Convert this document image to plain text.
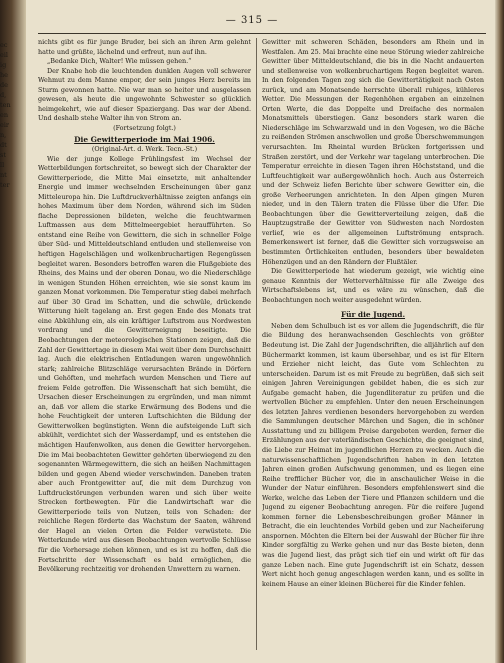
ec
eil
ig
he
de
d,
ten
en
eir
n,
dt
st
ll
nt
ter
— 315 —

nichts gibt es für junge Bruder, bei sich an ihren Arm gelehnt hatte und grüßte, lächelnd und erfreut, nun auf ihn.

„Bedanke Dich, Walter! Wie müssen gehen.“

Der Knabe hob die leuchtenden dunklen Augen voll schwerer Wehmut zu dem Manne empor, der sein junges Herz bereits im Sturm gewonnen hatte. Nie war man so heiter und ausgelassen gewesen, als heute die ungewohnte Schwester so glücklich heimgekehrt, wie auf dieser Spaziergang. Das war der Abend. Und deshalb stehe Walter ihn von Strom an.

(Fortsetzung folgt.)

Die Gewitterperiode im Mai 1906.

(Original-Art. d. Werk. Tecn.-St.)

Wie der junge Kollege Frühlingsfest im Wechsel der Wetterbildungen fortschreitet, so bewegt sich der Charakter der Gewitterperiode, die Mitte Mai einsetzte, mit anhaltender Energie und immer wechselnden Erscheinungen über ganz Mitteleuropa hin. Die Luftdruckverhältnisse zeigten anfangs ein hohes Maximum über dem Norden, während sich im Süden flache Depressionen bildeten, welche die feuchtwarmen Luftmassen aus dem Mittelmeergebiet heraufführten. So entstand eine Reihe von Gewittern, die sich in schneller Folge über Süd- und Mitteldeutschland entluden und stellenweise von heftigen Hagelschlägen und wolkenbruchartigen Regengüssen begleitet waren. Besonders betroffen waren die Flußgebiete des Rheins, des Mains und der oberen Donau, wo die Niederschläge in wenigen Stunden Höhen erreichten, wie sie sonst kaum im ganzen Monat vorkommen. Die Temperatur stieg dabei mehrfach auf über 30 Grad im Schatten, und die schwüle, drückende Witterung hielt tagelang an. Erst gegen Ende des Monats trat eine Abkühlung ein, als ein kräftiger Luftstrom aus Nordwesten vordrang und die Gewitterneigung beseitigte. Die Beobachtungen der meteorologischen Stationen zeigen, daß die Zahl der Gewittertage in diesem Mai weit über dem Durchschnitt lag. Auch die elektrischen Entladungen waren ungewöhnlich stark; zahlreiche Blitzschläge verursachten Brände in Dörfern und Gehöften, und mehrfach wurden Menschen und Tiere auf freiem Felde getroffen. Die Wissenschaft hat sich bemüht, die Ursachen dieser Erscheinungen zu ergründen, und man nimmt an, daß vor allem die starke Erwärmung des Bodens und die hohe Feuchtigkeit der unteren Luftschichten die Bildung der Gewitterwolken begünstigten. Wenn die aufsteigende Luft sich abkühlt, verdichtet sich der Wasserdampf, und es entstehen die mächtigen Haufenwolken, aus denen die Gewitter hervorgehen. Die im Mai beobachteten Gewitter gehörten überwiegend zu den sogenannten Wärmegewittern, die sich an heißen Nachmittagen bilden und gegen Abend wieder verschwinden. Daneben traten aber auch Frontgewitter auf, die mit dem Durchzug von Luftdruckstörungen verbunden waren und sich über weite Strecken fortbewegten. Für die Landwirtschaft war die Gewitterperiode teils von Nutzen, teils von Schaden: der reichliche Regen förderte das Wachstum der Saaten, während der Hagel an vielen Orten die Felder verwüstete. Die Wetterkunde wird aus diesen Beobachtungen wertvolle Schlüsse für die Vorhersage ziehen können, und es ist zu hoffen, daß die Fortschritte der Wissenschaft es bald ermöglichen, die Bevölkerung rechtzeitig vor drohenden Unwettern zu warnen.

Gewitter mit schweren Schäden, besonders am Rhein und in Westfalen. Am 25. Mai brachte eine neue Störung wieder zahlreiche Gewitter über Mitteldeutschland, die bis in die Nacht andauerten und stellenweise von wolkenbruchartigem Regen begleitet waren. In den folgenden Tagen zog sich die Gewittertätigkeit nach Osten zurück, und am Monatsende herrschte überall ruhiges, kühleres Wetter. Die Messungen der Regenhöhen ergaben an einzelnen Orten Werte, die das Doppelte und Dreifache des normalen Monatsmittels überstiegen. Ganz besonders stark waren die Niederschläge im Schwarzwald und in den Vogesen, wo die Bäche zu reißenden Strömen anschwollen und große Überschwemmungen verursachten. Im Rheintal wurden Brücken fortgerissen und Straßen zerstört, und der Verkehr war tagelang unterbrochen. Die Temperatur erreichte in diesen Tagen ihren Höchststand, und die Luftfeuchtigkeit war außergewöhnlich hoch. Auch aus Österreich und der Schweiz liefen Berichte über schwere Gewitter ein, die große Verheerungen anrichteten. In den Alpen gingen Muren nieder, und in den Tälern traten die Flüsse über die Ufer. Die Beobachtungen über die Gewitterverteilung zeigen, daß die Hauptzugstraße der Gewitter von Südwesten nach Nordosten verlief, wie es der allgemeinen Luftströmung entsprach. Bemerkenswert ist ferner, daß die Gewitter sich vorzugsweise an bestimmten Örtlichkeiten entluden, besonders über bewaldeten Höhenzügen und an den Rändern der Flußtäler.

Die Gewitterperiode hat wiederum gezeigt, wie wichtig eine genaue Kenntnis der Wetterverhältnisse für alle Zweige des Wirtschaftslebens ist, und es wäre zu wünschen, daß die Beobachtungen noch weiter ausgedehnt würden.

Für die Jugend.

Neben dem Schulbuch ist es vor allem die Jugendschrift, die für die Bildung des heranwachsenden Geschlechts von größter Bedeutung ist. Die Zahl der Jugendschriften, die alljährlich auf den Büchermarkt kommen, ist kaum übersehbar, und es ist für Eltern und Erzieher nicht leicht, das Gute vom Schlechten zu unterscheiden. Darum ist es mit Freude zu begrüßen, daß sich seit einigen Jahren Vereinigungen gebildet haben, die es sich zur Aufgabe gemacht haben, die Jugendliteratur zu prüfen und die wertvollen Bücher zu empfehlen. Unter den neuen Erscheinungen des letzten Jahres verdienen besonders hervorgehoben zu werden die Sammlungen deutscher Märchen und Sagen, die in schöner Ausstattung und zu billigem Preise dargeboten werden, ferner die Erzählungen aus der vaterländischen Geschichte, die geeignet sind, die Liebe zur Heimat im jugendlichen Herzen zu wecken. Auch die naturwissenschaftlichen Jugendschriften haben in den letzten Jahren einen großen Aufschwung genommen, und es liegen eine Reihe trefflicher Bücher vor, die in anschaulicher Weise in die Wunder der Natur einführen. Besonders empfehlenswert sind die Werke, welche das Leben der Tiere und Pflanzen schildern und die Jugend zu eigener Beobachtung anregen. Für die reifere Jugend kommen ferner die Lebensbeschreibungen großer Männer in Betracht, die ein leuchtendes Vorbild geben und zur Nacheiferung anspornen. Möchten die Eltern bei der Auswahl der Bücher für ihre Kinder sorgfältig zu Werke gehen und nur das Beste bieten, denn was die Jugend liest, das prägt sich tief ein und wirkt oft für das ganze Leben nach. Eine gute Jugendschrift ist ein Schatz, dessen Wert nicht hoch genug angeschlagen werden kann, und es sollte in keinem Hause an einer kleinen Bücherei für die Kinder fehlen.
